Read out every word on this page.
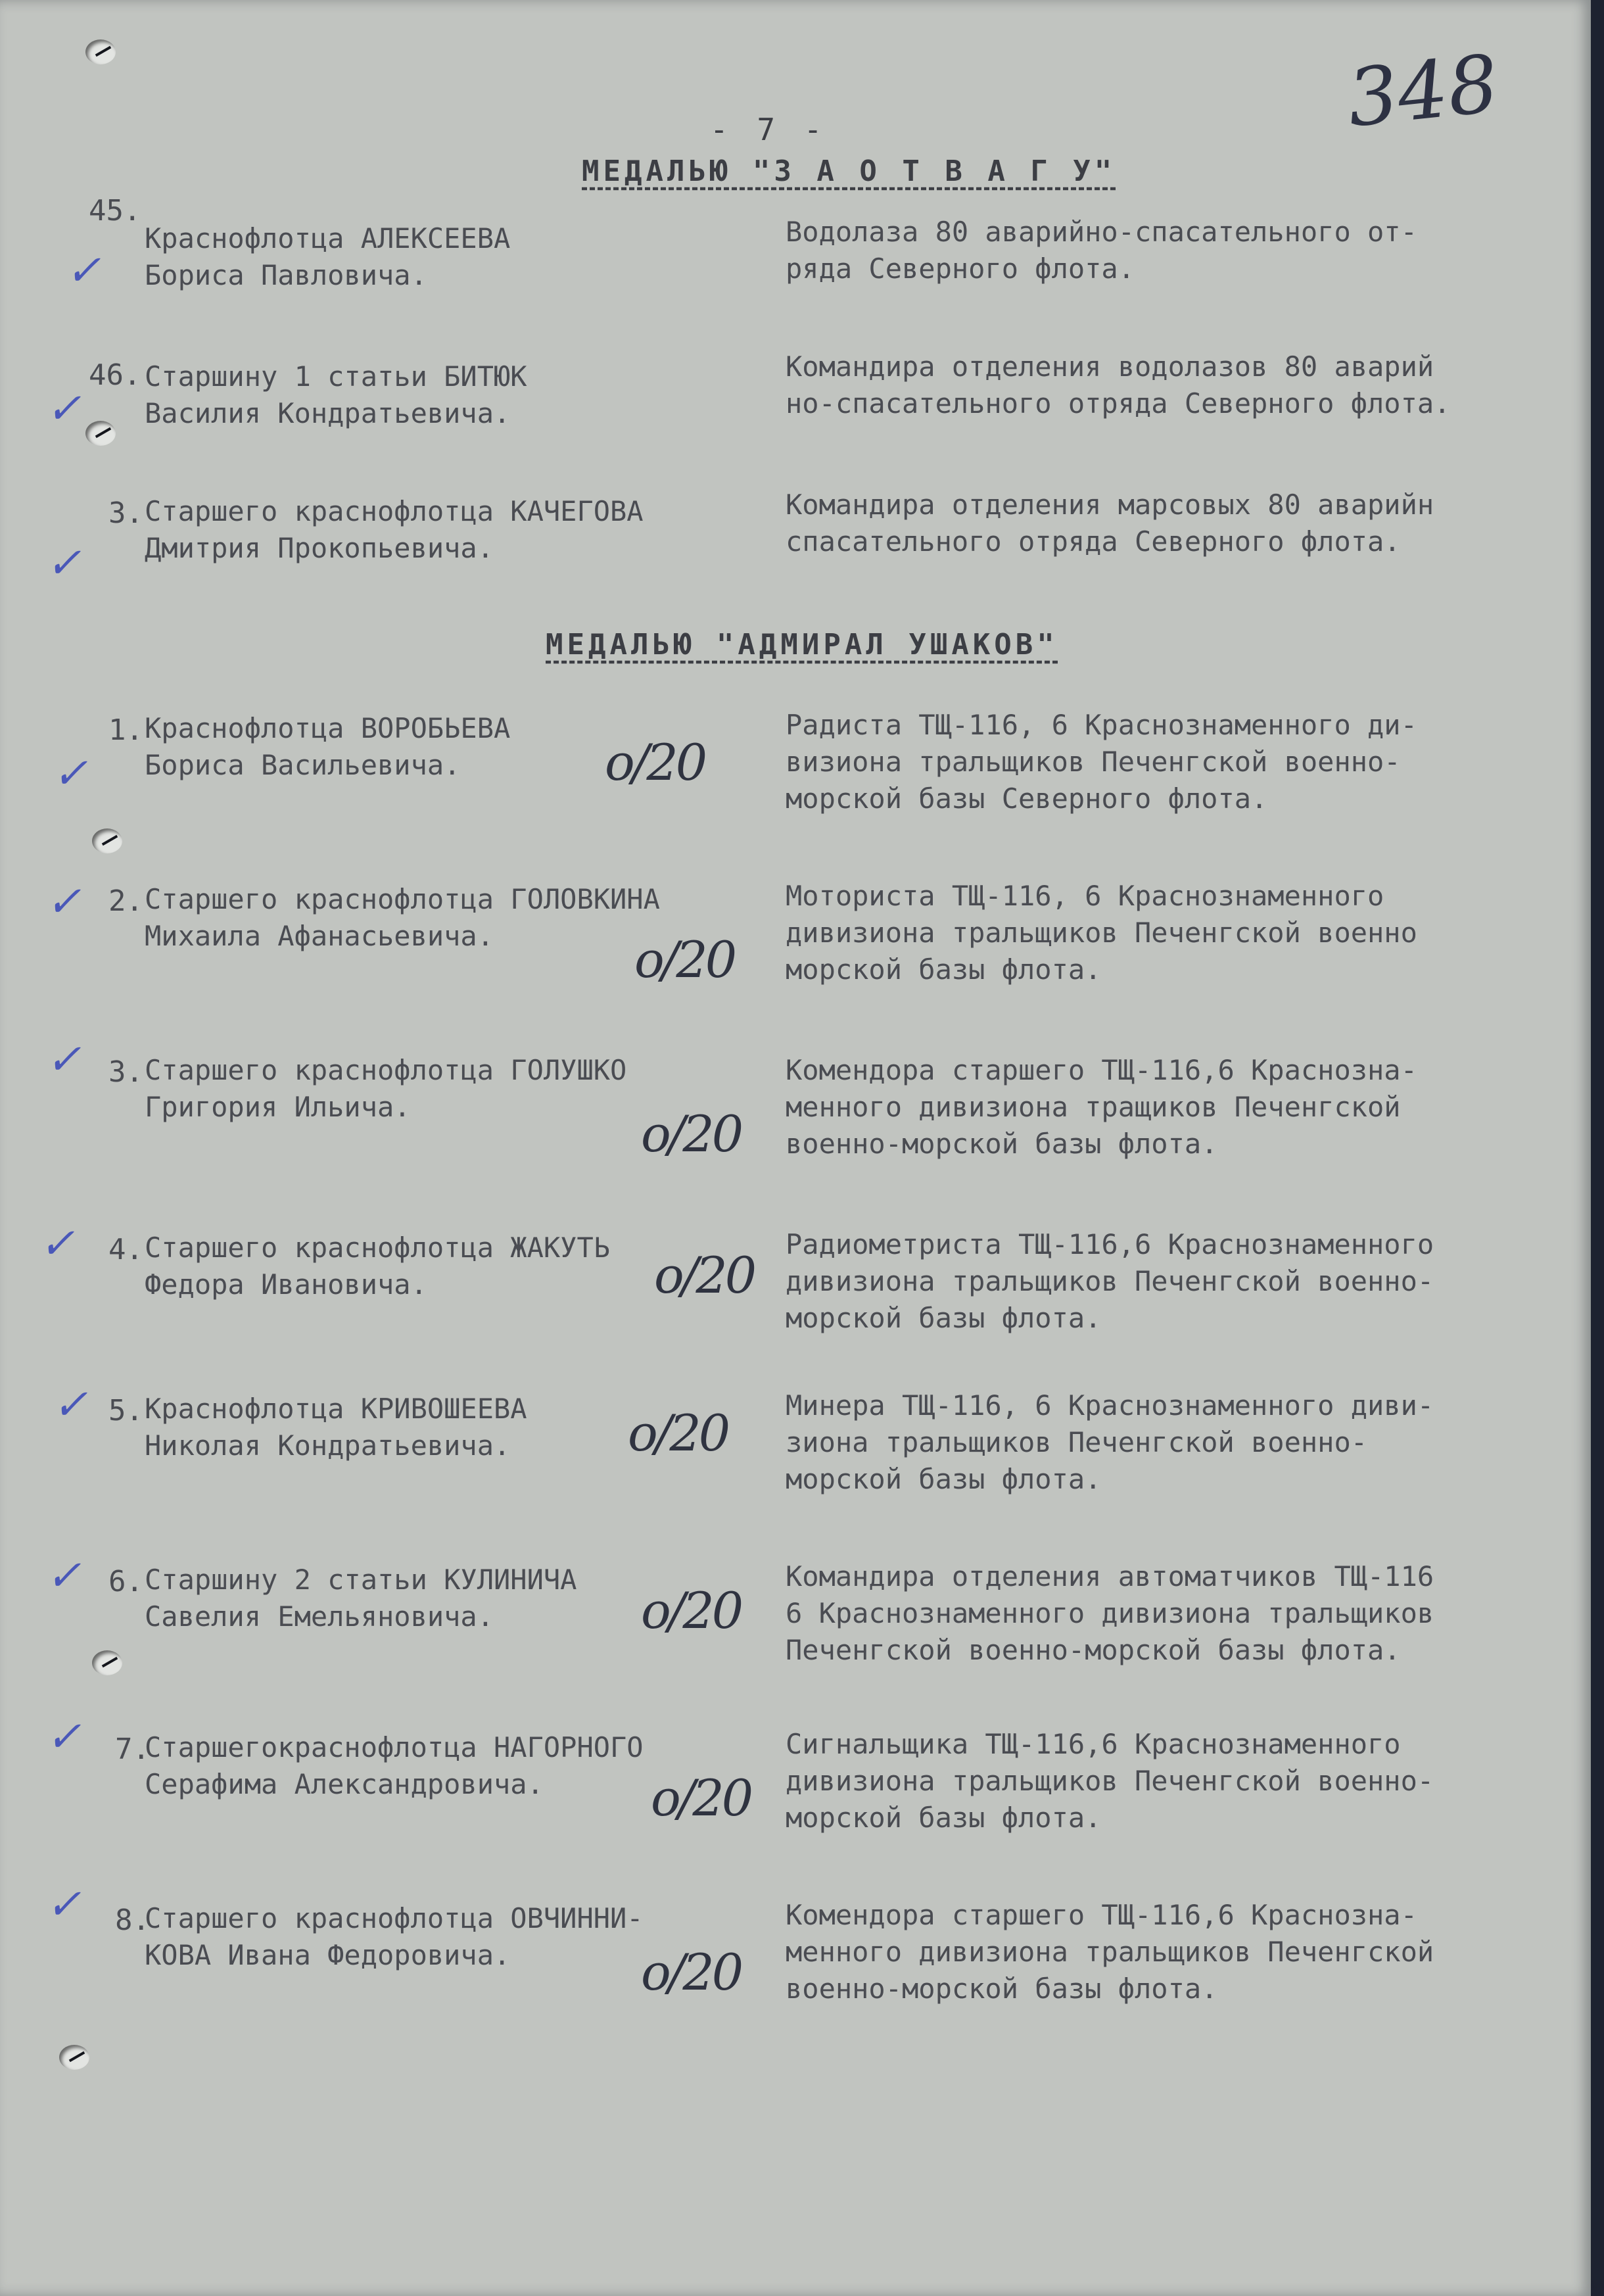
348
- 7 -
МЕДАЛЬЮ "З А О Т В А Г У"
45.
✓
Краснофлотца АЛЕКСЕЕВА
Бориса Павловича.
Водолаза 80 аварийно-спасательного от-
ряда Северного флота.
46.
✓
Старшину 1 статьи БИТЮК
Василия Кондратьевича.
Командира отделения водолазов 80 аварий
но-спасательного отряда Северного флота.
3.
✓
Старшего краснофлотца КАЧЕГОВА
Дмитрия Прокопьевича.
Командира отделения марсовых 80 аварийн
спасательного отряда Северного флота.
МЕДАЛЬЮ "АДМИРАЛ УШАКОВ"
1.
✓
Краснофлотца ВОРОБЬЕВА
Бориса Васильевича.	о/20
Радиста ТЩ-116, 6 Краснознаменного ди-
визиона тральщиков Печенгской военно-
морской базы Северного флота.
2.
✓ Старшего краснофлотца ГОЛОВКИНА
Михаила Афанасьевича.	о/20
Моториста ТЩ-116, 6 Краснознаменного
дивизиона тральщиков Печенгской военно
морской базы флота.
3.
✓ Старшего краснофлотца ГОЛУШКО
Григория Ильича.	о/20
Комендора старшего ТЩ-116,6 Краснозна-
менного дивизиона тращиков Печенгской
военно-морской базы флота.
4.
✓	Старшего краснофлотца ЖАКУТЬ
Федора Ивановича.	о/20
Радиометриста ТЩ-116,6 Краснознаменного
дивизиона тральщиков Печенгской военно-
морской базы флота.
5.
✓ Краснофлотца КРИВОШЕЕВА
Николая Кондратьевича.	о/20 Минера ТЩ-116, 6 Краснознаменного диви-
зиона тральщиков Печенгской военно-
морской базы флота.
6.
✓ Старшину 2 статьи КУЛИНИЧА
Савелия Емельяновича.	о/20
Командира отделения автоматчиков ТЩ-116
6 Краснознаменного дивизиона тральщиков
Печенгской военно-морской базы флота.
7.
✓ Старшегокраснофлотца НАГОРНОГО
Серафима Александровича.	о/20
Сигнальщика ТЩ-116,6 Краснознаменного
дивизиона тральщиков Печенгской военно-
морской базы флота.
8.
✓ Старшего краснофлотца ОВЧИННИ-
КОВА Ивана Федоровича.	о/20
Комендора старшего ТЩ-116,6 Краснозна-
менного дивизиона тральщиков Печенгской
военно-морской базы флота.
